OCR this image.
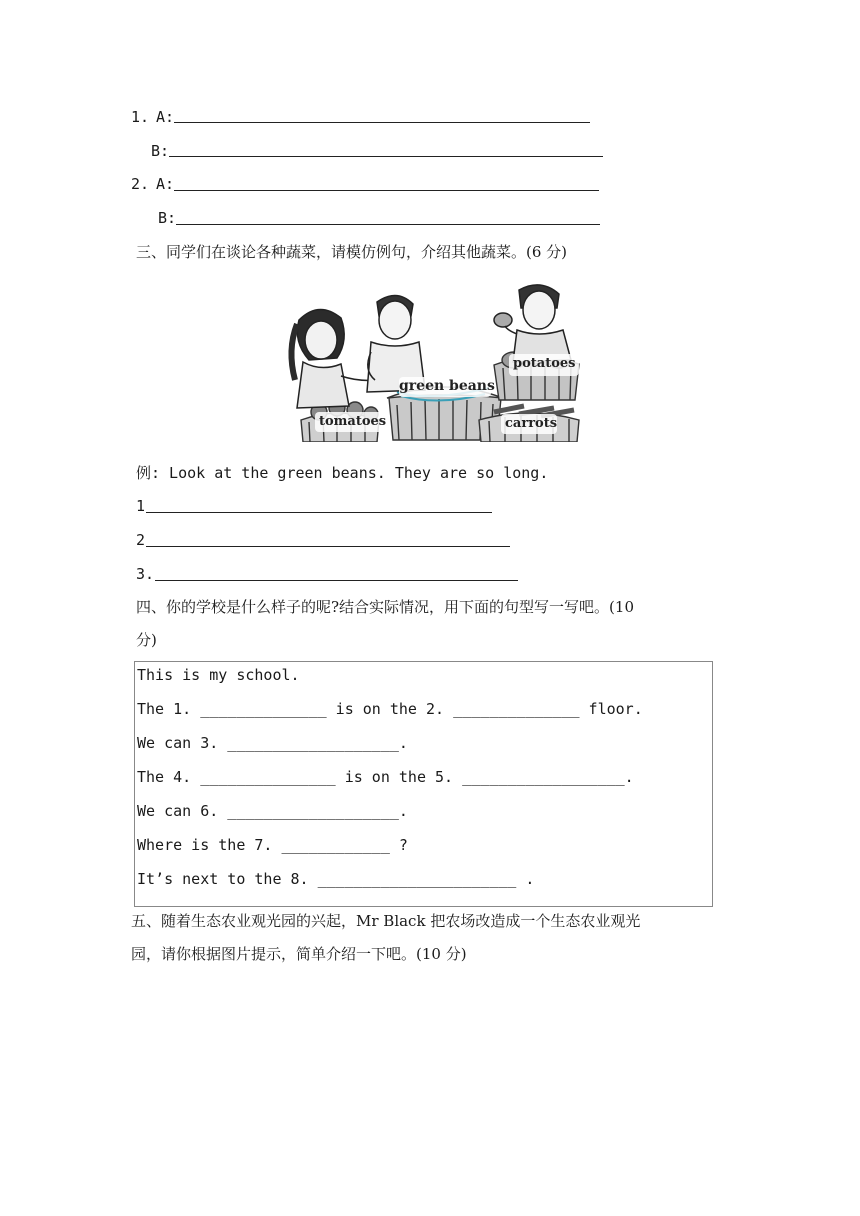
1. A:
B:
2. A:
B:
三、同学们在谈论各种蔬菜，请模仿例句，介绍其他蔬菜。(6 分)
green beans
potatoes
tomatoes	carrots
例: Look at the green beans. They are so long.
1
2
3.
四、你的学校是什么样子的呢?结合实际情况，用下面的句型写一写吧。(10
分)
This is my school.
The 1. ______________ is on the 2. ______________ floor.
We can 3. ___________________.
The 4. _______________ is on the 5. __________________.
We can 6. ___________________.
Where is the 7. ____________ ?
It’s next to the 8. ______________________ .
五、随着生态农业观光园的兴起，Mr Black 把农场改造成一个生态农业观光
园，请你根据图片提示，简单介绍一下吧。(10 分)
